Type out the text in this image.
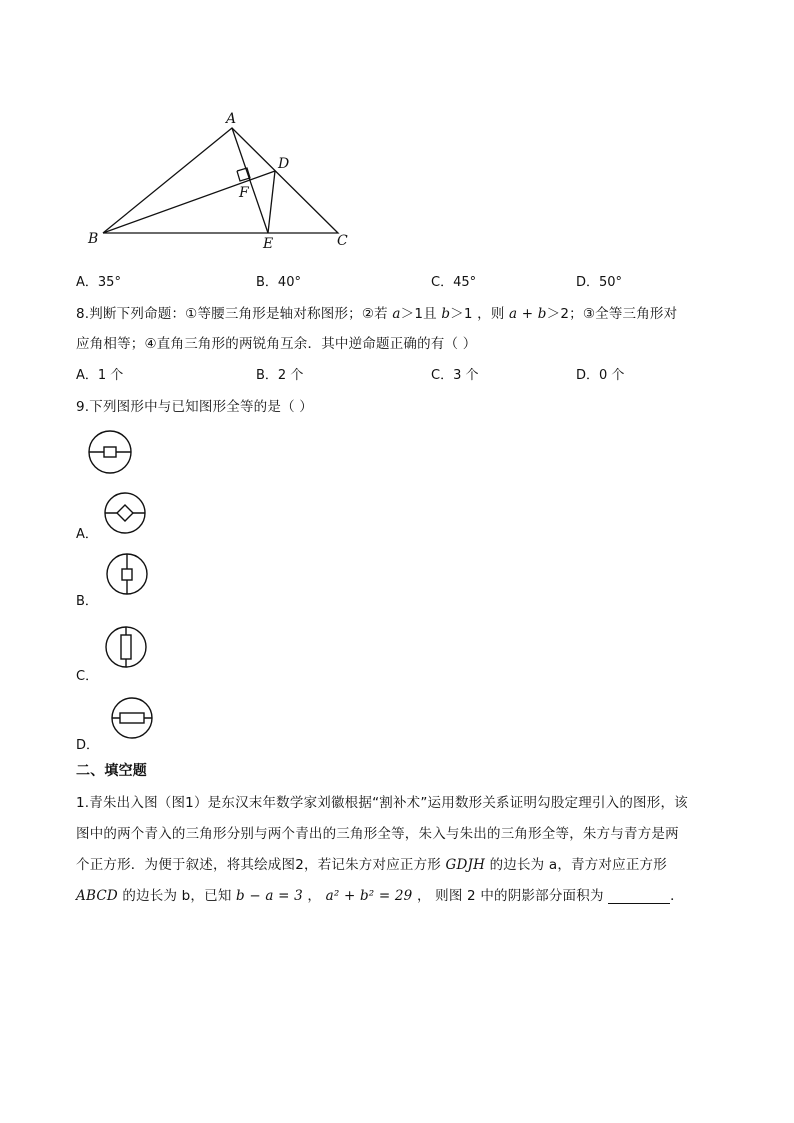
A
B	C
D
E
F
A．35°	B．40°	C．45°	D．50°
8.判断下列命题：①等腰三角形是轴对称图形；②若 a＞1且 b＞1 ，则 a + b＞2；③全等三角形对
应角相等；④直角三角形的两锐角互余．其中逆命题正确的有（ ）
A．1 个	B．2 个	C．3 个	D．0 个
9.下列图形中与已知图形全等的是（ ）
A．
B．
C．
D．
二、填空题
1.青朱出入图（图1）是东汉末年数学家刘徽根据“割补术”运用数形关系证明勾股定理引入的图形，该
图中的两个青入的三角形分别与两个青出的三角形全等，朱入与朱出的三角形全等，朱方与青方是两
个正方形．为便于叙述，将其绘成图2，若记朱方对应正方形 GDJH 的边长为 a，青方对应正方形
ABCD 的边长为 b，已知 b − a = 3 ， a² + b² = 29 ， 则图 2 中的阴影部分面积为	．
